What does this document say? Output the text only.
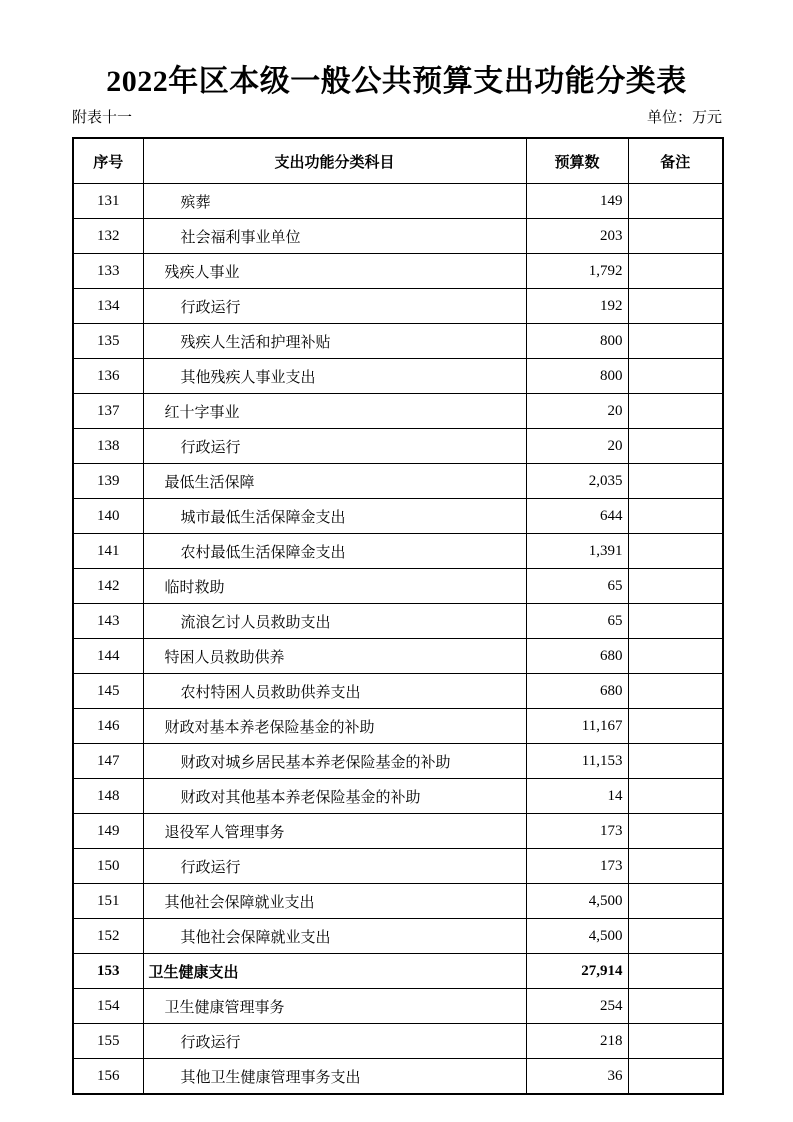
2022年区本级一般公共预算支出功能分类表
附表十一	单位：万元
序号	支出功能分类科目	预算数	备注
131	殡葬	149	
132	社会福利事业单位	203	
133	残疾人事业	1,792	
134	行政运行	192	
135	残疾人生活和护理补贴	800	
136	其他残疾人事业支出	800	
137	红十字事业	20	
138	行政运行	20	
139	最低生活保障	2,035	
140	城市最低生活保障金支出	644	
141	农村最低生活保障金支出	1,391	
142	临时救助	65	
143	流浪乞讨人员救助支出	65	
144	特困人员救助供养	680	
145	农村特困人员救助供养支出	680	
146	财政对基本养老保险基金的补助	11,167	
147	财政对城乡居民基本养老保险基金的补助	11,153	
148	财政对其他基本养老保险基金的补助	14	
149	退役军人管理事务	173	
150	行政运行	173	
151	其他社会保障就业支出	4,500	
152	其他社会保障就业支出	4,500	
153	卫生健康支出	27,914	
154	卫生健康管理事务	254	
155	行政运行	218	
156	其他卫生健康管理事务支出	36	
